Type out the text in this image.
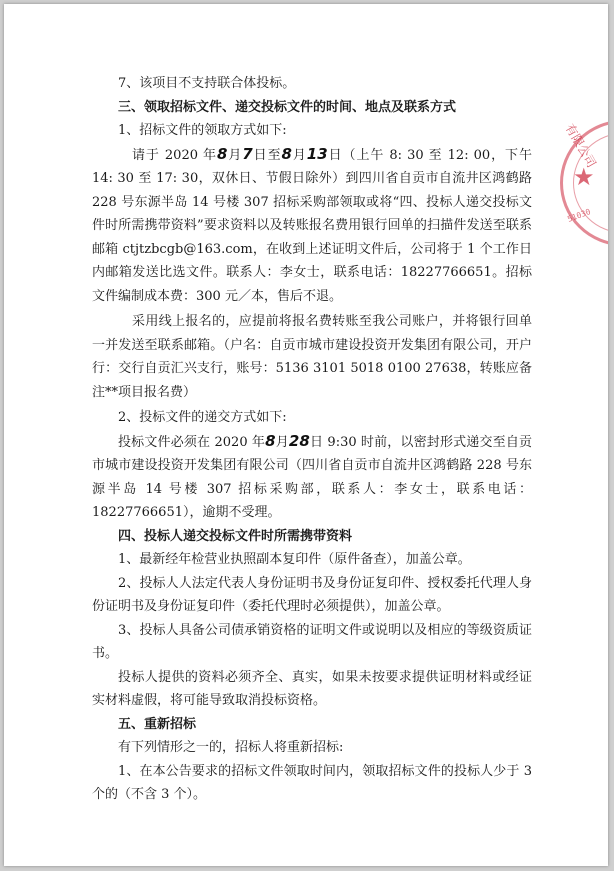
7、该项目不支持联合体投标。

三、领取招标文件、递交投标文件的时间、地点及联系方式

1、招标文件的领取方式如下:

请于 2020 年8月7日至8月13日（上午 8: 30 至 12: 00，下午 14: 30 至 17: 30，双休日、节假日除外）到四川省自贡市自流井区鸿鹤路 228 号东源半岛 14 号楼 307 招标采购部领取或将“四、投标人递交投标文件时所需携带资料”要求资料以及转账报名费用银行回单的扫描件发送至联系邮箱 ctjtzbcgb@163.com，在收到上述证明文件后，公司将于 1 个工作日内邮箱发送比选文件。联系人：李女士，联系电话：18227766651。招标文件编制成本费：300 元／本，售后不退。

采用线上报名的，应提前将报名费转账至我公司账户，并将银行回单一并发送至联系邮箱。（户名：自贡市城市建设投资开发集团有限公司，开户行：交行自贡汇兴支行，账号：5136 3101 5018 0100 27638，转账应备注**项目报名费）

2、投标文件的递交方式如下:

投标文件必须在 2020 年8月28日 9:30 时前，以密封形式递交至自贡市城市建设投资开发集团有限公司（四川省自贡市自流井区鸿鹤路 228 号东源半岛 14 号楼 307 招标采购部，联系人：李女士，联系电话：18227766651），逾期不受理。

四、投标人递交投标文件时所需携带资料

1、最新经年检营业执照副本复印件（原件备查），加盖公章。

2、投标人人法定代表人身份证明书及身份证复印件、授权委托代理人身份证明书及身份证复印件（委托代理时必须提供），加盖公章。

3、投标人具备公司债承销资格的证明文件或说明以及相应的等级资质证书。

投标人提供的资料必须齐全、真实，如果未按要求提供证明材料或经证实材料虚假，将可能导致取消投标资格。

五、重新招标

有下列情形之一的，招标人将重新招标:

1、在本公告要求的招标文件领取时间内，领取招标文件的投标人少于 3 个的（不含 3 个）。

有限公司
★
51030
